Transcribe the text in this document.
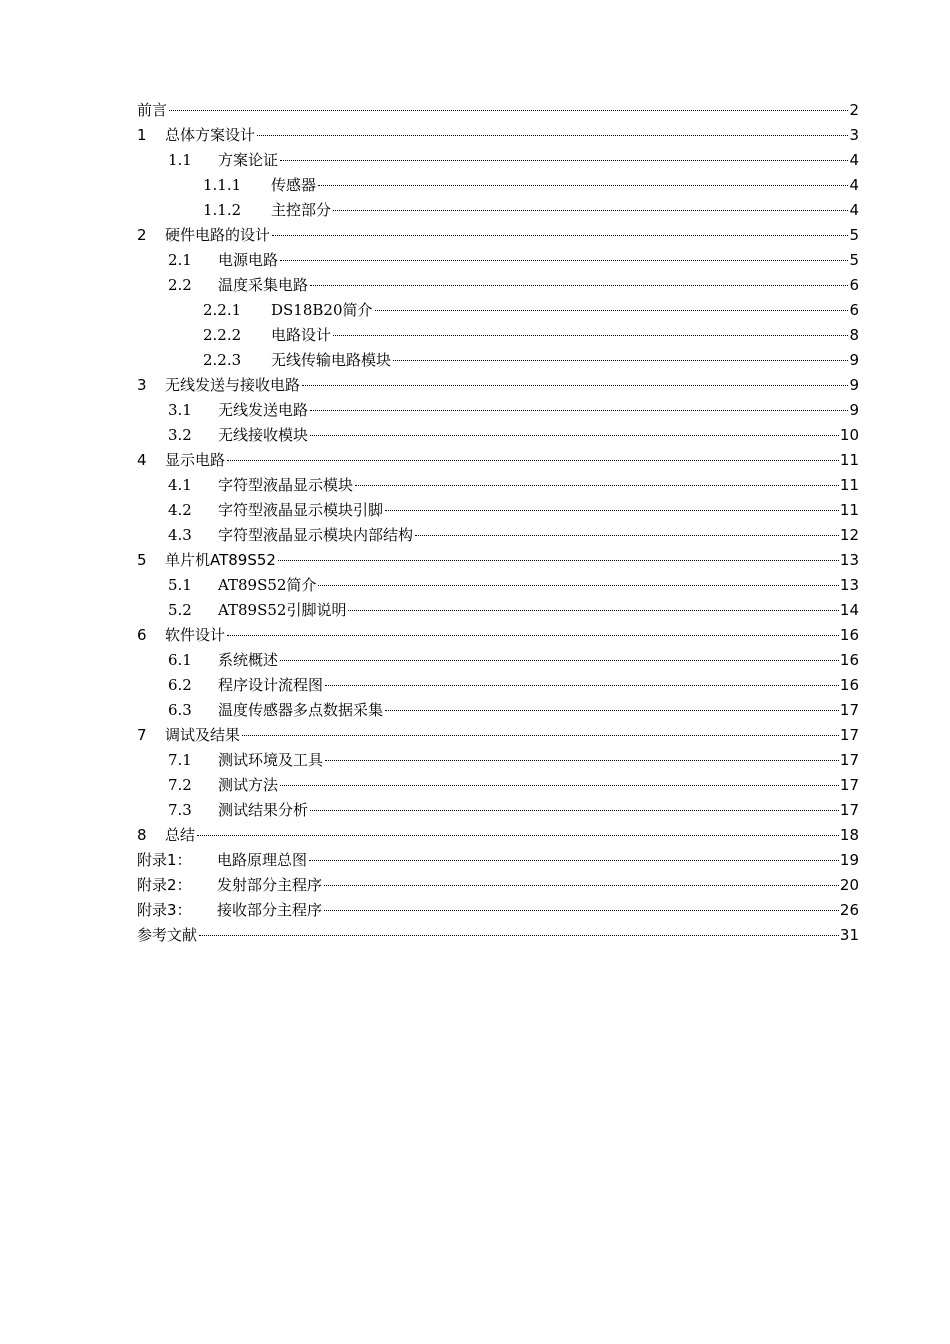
前言	2
1	总体方案设计	3
1.1	方案论证	4
1.1.1	传感器	4
1.1.2	主控部分	4
2	硬件电路的设计	5
2.1	电源电路	5
2.2	温度采集电路	6
2.2.1	DS18B20简介	6
2.2.2	电路设计	8
2.2.3	无线传输电路模块	9
3	无线发送与接收电路	9
3.1	无线发送电路	9
3.2	无线接收模块	10
4	显示电路	11
4.1	字符型液晶显示模块	11
4.2	字符型液晶显示模块引脚	11
4.3	字符型液晶显示模块内部结构	12
5	单片机AT89S52	13
5.1	AT89S52简介	13
5.2	AT89S52引脚说明	14
6	软件设计	16
6.1	系统概述	16
6.2	程序设计流程图	16
6.3	温度传感器多点数据采集	17
7	调试及结果	17
7.1	测试环境及工具	17
7.2	测试方法	17
7.3	测试结果分析	17
8	总结	18
附录1：	电路原理总图	19
附录2：	发射部分主程序	20
附录3：	接收部分主程序	26
参考文献	31
